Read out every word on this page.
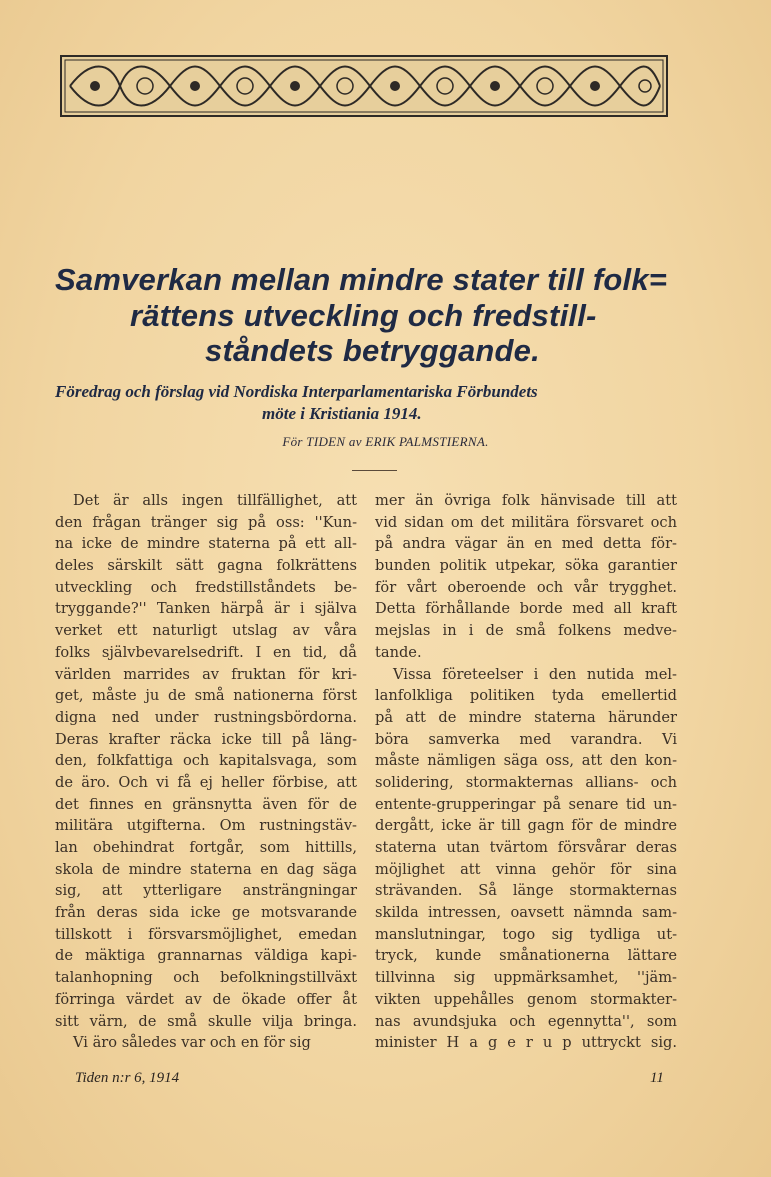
Samverkan mellan mindre stater till folk=
rättens utveckling och fredstill-
ståndets betryggande.
Föredrag och förslag vid Nordiska Interparlamentariska Förbundets
möte i Kristiania 1914.
För TIDEN av ERIK PALMSTIERNA.
Det är alls ingen tillfällighet, att
den frågan tränger sig på oss: ''Kun-
na icke de mindre staterna på ett all-
deles särskilt sätt gagna folkrättens
utveckling och fredstillståndets be-
tryggande?'' Tanken härpå är i själva
verket ett naturligt utslag av våra
folks självbevarelsedrift. I en tid, då
världen marrides av fruktan för kri-
get, måste ju de små nationerna först
digna ned under rustningsbördorna.
Deras krafter räcka icke till på läng-
den, folkfattiga och kapitalsvaga, som
de äro. Och vi få ej heller förbise, att
det finnes en gränsnytta även för de
militära utgifterna. Om rustningstäv-
lan obehindrat fortgår, som hittills,
skola de mindre staterna en dag säga
sig, att ytterligare ansträngningar
från deras sida icke ge motsvarande
tillskott i försvarsmöjlighet, emedan
de mäktiga grannarnas väldiga kapi-
talanhopning och befolkningstillväxt
förringa värdet av de ökade offer åt
sitt värn, de små skulle vilja bringa.
Vi äro således var och en för sig
mer än övriga folk hänvisade till att
vid sidan om det militära försvaret och
på andra vägar än en med detta för-
bunden politik utpekar, söka garantier
för vårt oberoende och vår trygghet.
Detta förhållande borde med all kraft
mejslas in i de små folkens medve-
tande.
Vissa företeelser i den nutida mel-
lanfolkliga politiken tyda emellertid
på att de mindre staterna härunder
böra samverka med varandra. Vi
måste nämligen säga oss, att den kon-
solidering, stormakternas allians- och
entente-grupperingar på senare tid un-
dergått, icke är till gagn för de mindre
staterna utan tvärtom försvårar deras
möjlighet att vinna gehör för sina
strävanden. Så länge stormakternas
skilda intressen, oavsett nämnda sam-
manslutningar, togo sig tydliga ut-
tryck, kunde smånationerna lättare
tillvinna sig uppmärksamhet, ''jäm-
vikten uppehålles genom stormakter-
nas avundsjuka och egennytta'', som
minister H a g e r u p uttryckt sig.
Tiden n:r 6, 1914	11
